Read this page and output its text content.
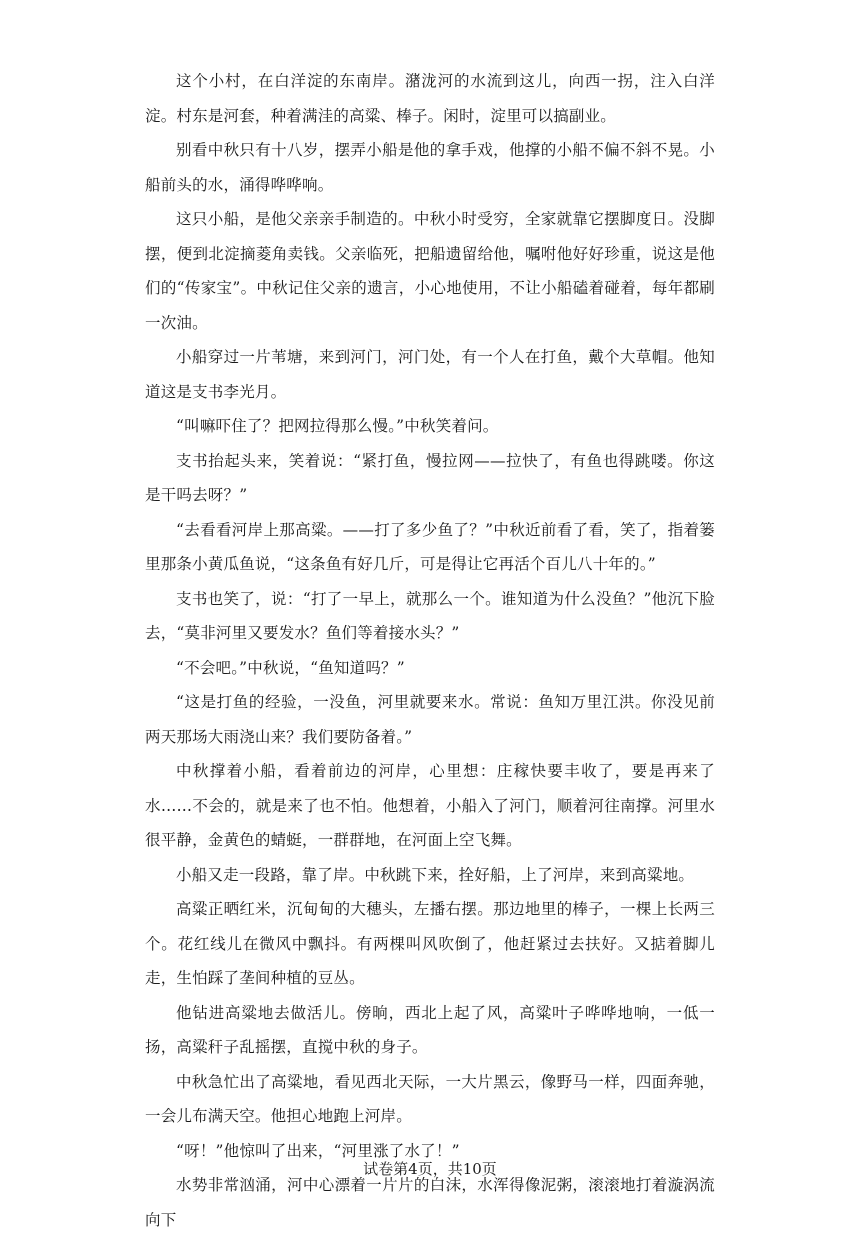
这个小村，在白洋淀的东南岸。潴泷河的水流到这儿，向西一拐，注入白洋淀。村东是河套，种着满洼的高粱、棒子。闲时，淀里可以搞副业。

别看中秋只有十八岁，摆弄小船是他的拿手戏，他撑的小船不偏不斜不晃。小船前头的水，涌得哗哗响。

这只小船，是他父亲亲手制造的。中秋小时受穷，全家就靠它摆脚度日。没脚摆，便到北淀摘菱角卖钱。父亲临死，把船遗留给他，嘱咐他好好珍重，说这是他们的“传家宝”。中秋记住父亲的遗言，小心地使用，不让小船磕着碰着，每年都刷一次油。

小船穿过一片苇塘，来到河门，河门处，有一个人在打鱼，戴个大草帽。他知道这是支书李光月。

“叫嘛吓住了？把网拉得那么慢。”中秋笑着问。

支书抬起头来，笑着说：“紧打鱼，慢拉网——拉快了，有鱼也得跳喽。你这是干吗去呀？”

“去看看河岸上那高粱。——打了多少鱼了？”中秋近前看了看，笑了，指着篓里那条小黄瓜鱼说，“这条鱼有好几斤，可是得让它再活个百儿八十年的。”

支书也笑了，说：“打了一早上，就那么一个。谁知道为什么没鱼？”他沉下脸去，“莫非河里又要发水？鱼们等着接水头？”

“不会吧。”中秋说，“鱼知道吗？”

“这是打鱼的经验，一没鱼，河里就要来水。常说：鱼知万里江洪。你没见前两天那场大雨浇山来？我们要防备着。”

中秋撑着小船，看着前边的河岸，心里想：庄稼快要丰收了，要是再来了水……不会的，就是来了也不怕。他想着，小船入了河门，顺着河往南撑。河里水很平静，金黄色的蜻蜓，一群群地，在河面上空飞舞。

小船又走一段路，靠了岸。中秋跳下来，拴好船，上了河岸，来到高粱地。

高粱正晒红米，沉甸甸的大穗头，左播右摆。那边地里的棒子，一棵上长两三个。花红线儿在微风中飘抖。有两棵叫风吹倒了，他赶紧过去扶好。又掂着脚儿走，生怕踩了垄间种植的豆丛。

他钻进高粱地去做活儿。傍晌，西北上起了风，高粱叶子哗哗地响，一低一扬，高粱秆子乱摇摆，直搅中秋的身子。

中秋急忙出了高粱地，看见西北天际，一大片黑云，像野马一样，四面奔驰，一会儿布满天空。他担心地跑上河岸。

“呀！”他惊叫了出来，“河里涨了水了！”

水势非常汹涌，河中心漂着一片片的白沫，水浑得像泥粥，滚滚地打着漩涡流向下

试卷第4页，共10页
